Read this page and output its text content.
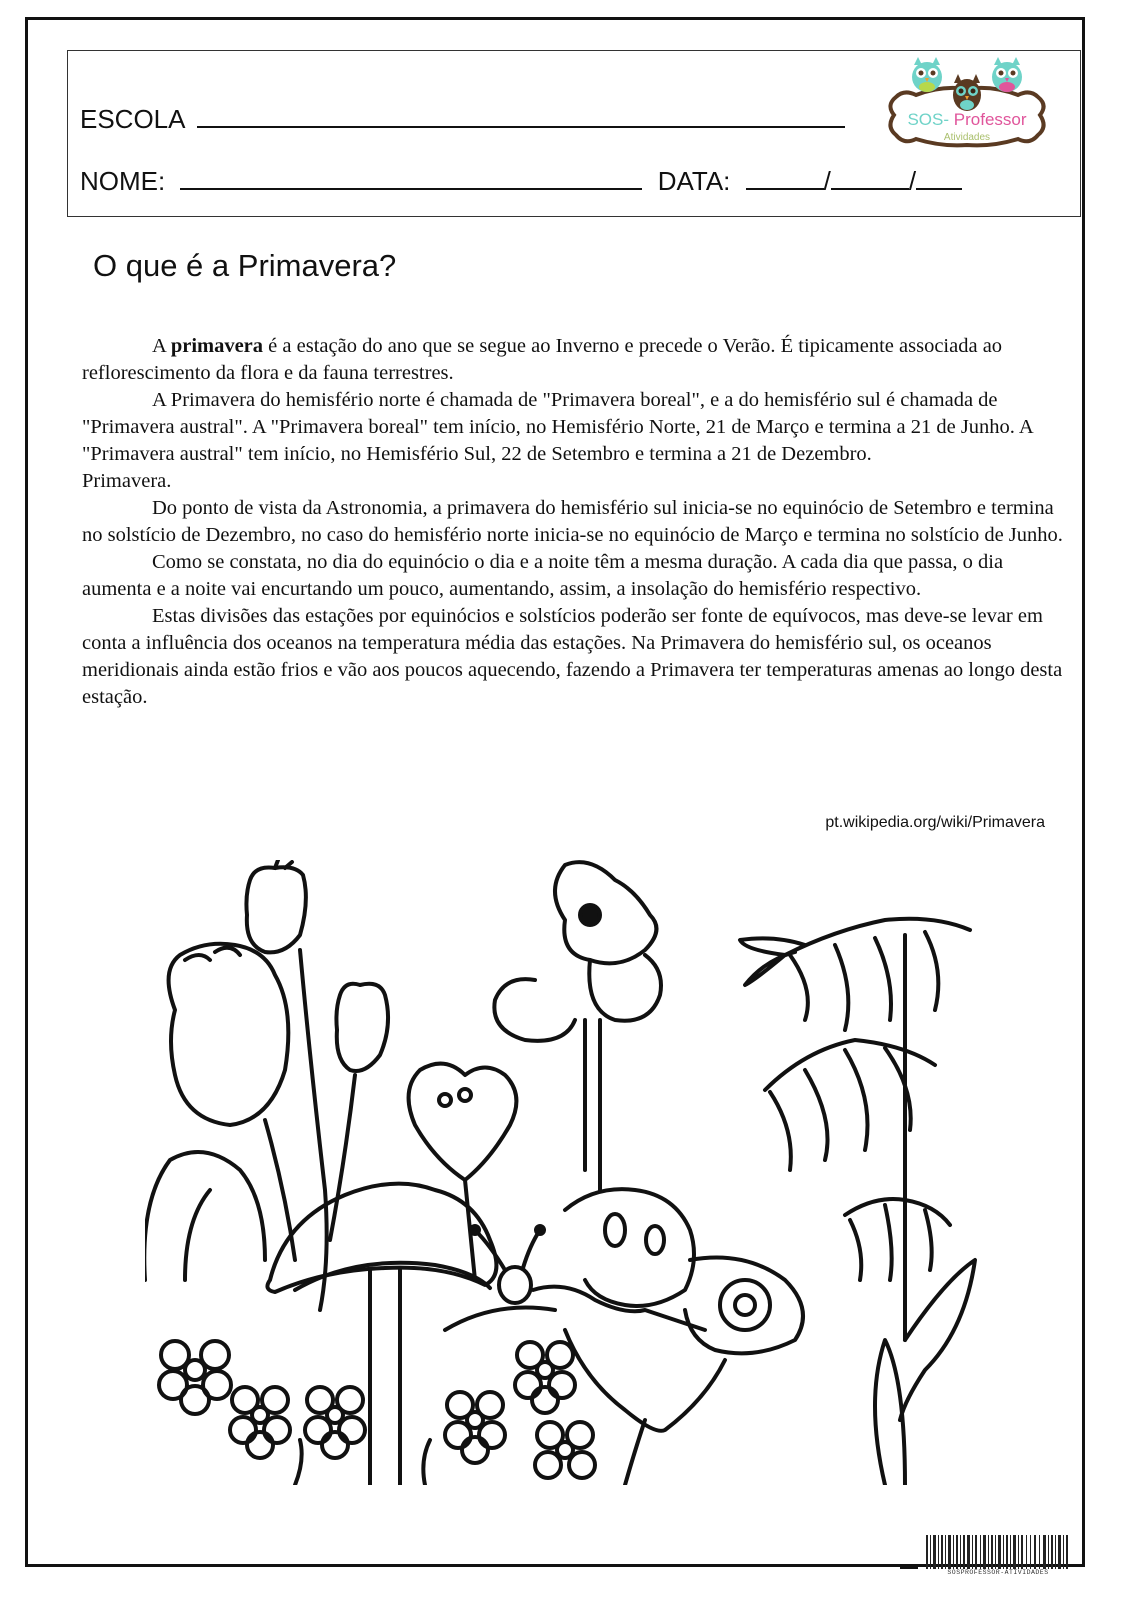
ESCOLA
NOME:	DATA:	/	/
SOS- Professor
Atividades
O que é a Primavera?

A primavera é a estação do ano que se segue ao Inverno e precede o Verão. É tipicamente associada ao reflorescimento da flora e da fauna terrestres.

A Primavera do hemisfério norte é chamada de "Primavera boreal", e a do hemisfério sul é chamada de "Primavera austral". A "Primavera boreal" tem início, no Hemisfério Norte, 21 de Março e termina a 21 de Junho. A "Primavera austral" tem início, no Hemisfério Sul, 22 de Setembro e termina a 21 de Dezembro.

Primavera.

Do ponto de vista da Astronomia, a primavera do hemisfério sul inicia-se no equinócio de Setembro e termina no solstício de Dezembro, no caso do hemisfério norte inicia-se no equinócio de Março e termina no solstício de Junho.

Como se constata, no dia do equinócio o dia e a noite têm a mesma duração. A cada dia que passa, o dia aumenta e a noite vai encurtando um pouco, aumentando, assim, a insolação do hemisfério respectivo.

Estas divisões das estações por equinócios e solstícios poderão ser fonte de equívocos, mas deve-se levar em conta a influência dos oceanos na temperatura média das estações. Na Primavera do hemisfério sul, os oceanos meridionais ainda estão frios e vão aos poucos aquecendo, fazendo a Primavera ter temperaturas amenas ao longo desta estação.

pt.wikipedia.org/wiki/Primavera
SOSPROFESSOR-ATIVIDADES
